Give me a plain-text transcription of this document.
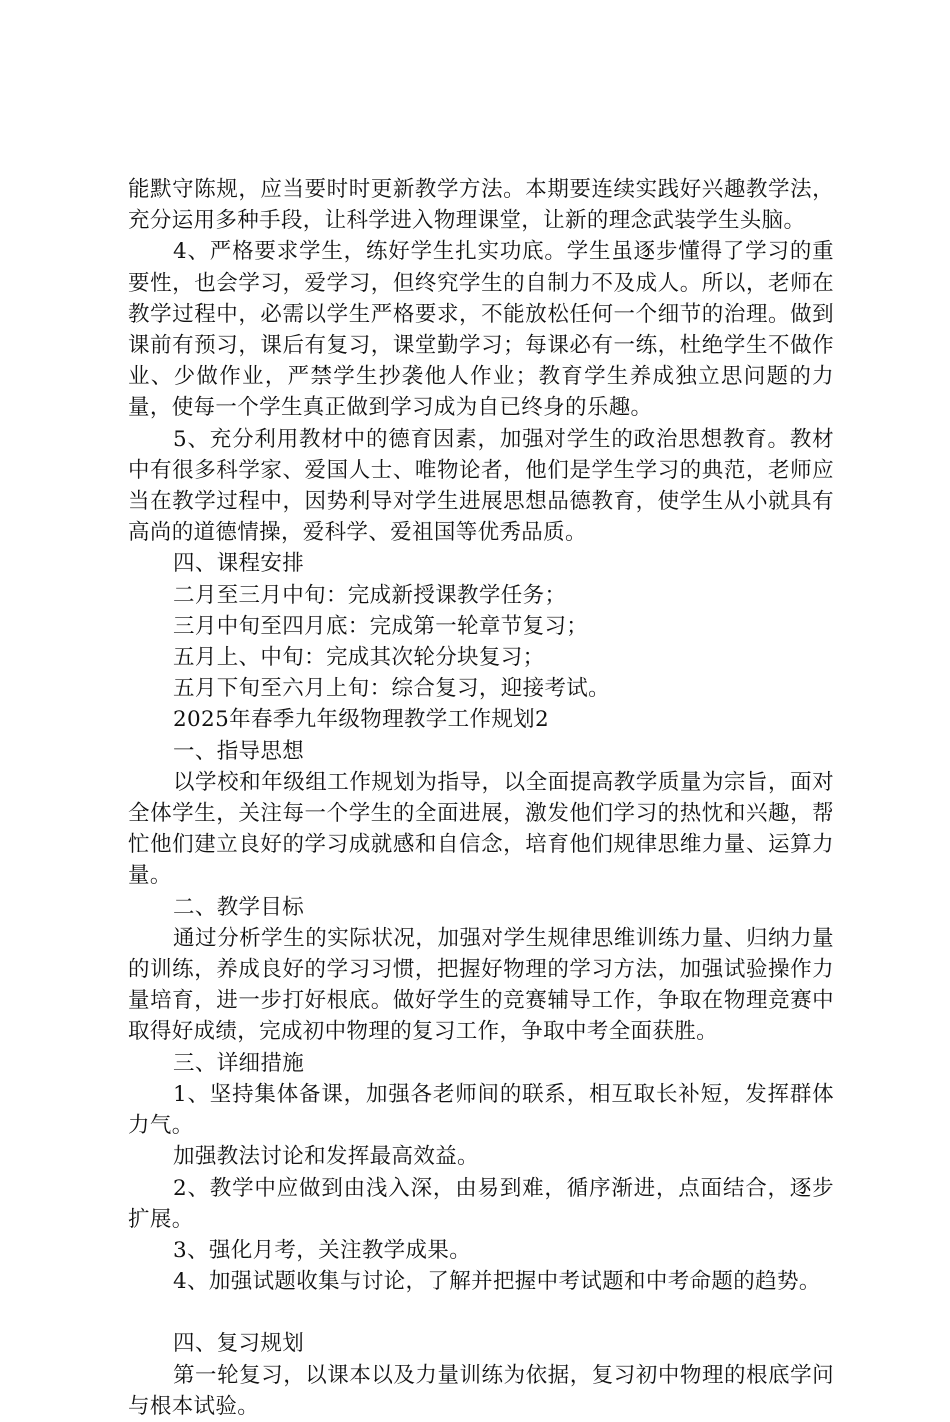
能默守陈规，应当要时时更新教学方法。本期要连续实践好兴趣教学法，充分运用多种手段，让科学进入物理课堂，让新的理念武装学生头脑。

4、严格要求学生，练好学生扎实功底。学生虽逐步懂得了学习的重要性，也会学习，爱学习，但终究学生的自制力不及成人。所以，老师在教学过程中，必需以学生严格要求，不能放松任何一个细节的治理。做到课前有预习，课后有复习，课堂勤学习；每课必有一练，杜绝学生不做作业、少做作业，严禁学生抄袭他人作业；教育学生养成独立思问题的力量，使每一个学生真正做到学习成为自已终身的乐趣。

5、充分利用教材中的德育因素，加强对学生的政治思想教育。教材中有很多科学家、爱国人士、唯物论者，他们是学生学习的典范，老师应当在教学过程中，因势利导对学生进展思想品德教育，使学生从小就具有高尚的道德情操，爱科学、爱祖国等优秀品质。

四、课程安排

二月至三月中旬：完成新授课教学任务；

三月中旬至四月底：完成第一轮章节复习；

五月上、中旬：完成其次轮分块复习；

五月下旬至六月上旬：综合复习，迎接考试。

2025年春季九年级物理教学工作规划2

一、指导思想

以学校和年级组工作规划为指导，以全面提高教学质量为宗旨，面对全体学生，关注每一个学生的全面进展，激发他们学习的热忱和兴趣，帮忙他们建立良好的学习成就感和自信念，培育他们规律思维力量、运算力量。

二、教学目标

通过分析学生的实际状况，加强对学生规律思维训练力量、归纳力量的训练，养成良好的学习习惯，把握好物理的学习方法，加强试验操作力量培育，进一步打好根底。做好学生的竞赛辅导工作，争取在物理竞赛中取得好成绩，完成初中物理的复习工作，争取中考全面获胜。

三、详细措施

1、坚持集体备课，加强各老师间的联系，相互取长补短，发挥群体力气。

加强教法讨论和发挥最高效益。

2、教学中应做到由浅入深，由易到难，循序渐进，点面结合，逐步扩展。

3、强化月考，关注教学成果。

4、加强试题收集与讨论，了解并把握中考试题和中考命题的趋势。

四、复习规划

第一轮复习，以课本以及力量训练为依据，复习初中物理的根底学问与根本试验。
